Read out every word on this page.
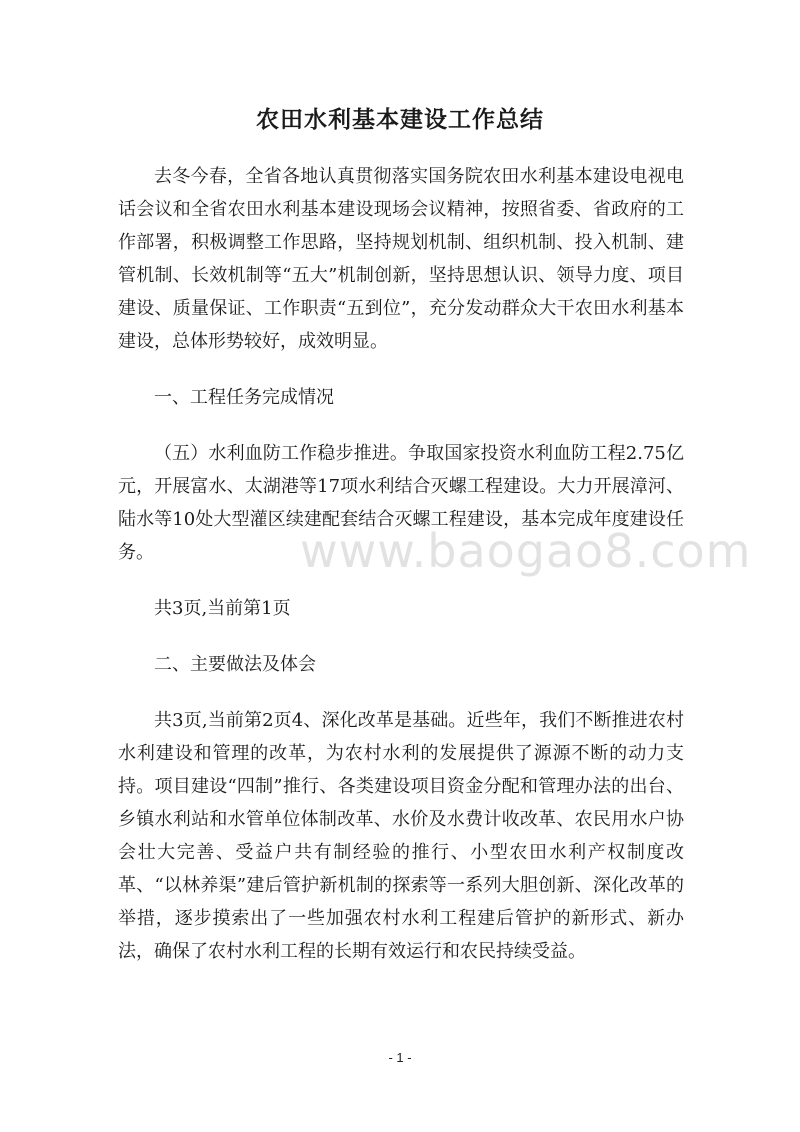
农田水利基本建设工作总结

去冬今春，全省各地认真贯彻落实国务院农田水利基本建设电视电话会议和全省农田水利基本建设现场会议精神，按照省委、省政府的工作部署，积极调整工作思路，坚持规划机制、组织机制、投入机制、建管机制、长效机制等“五大”机制创新，坚持思想认识、领导力度、项目建设、质量保证、工作职责“五到位”，充分发动群众大干农田水利基本建设，总体形势较好，成效明显。

一、工程任务完成情况

（五）水利血防工作稳步推进。争取国家投资水利血防工程2.75亿元，开展富水、太湖港等17项水利结合灭螺工程建设。大力开展漳河、陆水等10处大型灌区续建配套结合灭螺工程建设，基本完成年度建设任务。

共3页,当前第1页

二、主要做法及体会

共3页,当前第2页4、深化改革是基础。近些年，我们不断推进农村水利建设和管理的改革，为农村水利的发展提供了源源不断的动力支持。项目建设“四制”推行、各类建设项目资金分配和管理办法的出台、乡镇水利站和水管单位体制改革、水价及水费计收改革、农民用水户协会壮大完善、受益户共有制经验的推行、小型农田水利产权制度改革、“以林养渠”建后管护新机制的探索等一系列大胆创新、深化改革的举措，逐步摸索出了一些加强农村水利工程建后管护的新形式、新办法，确保了农村水利工程的长期有效运行和农民持续受益。

www.baogao8.com
- 1 -
